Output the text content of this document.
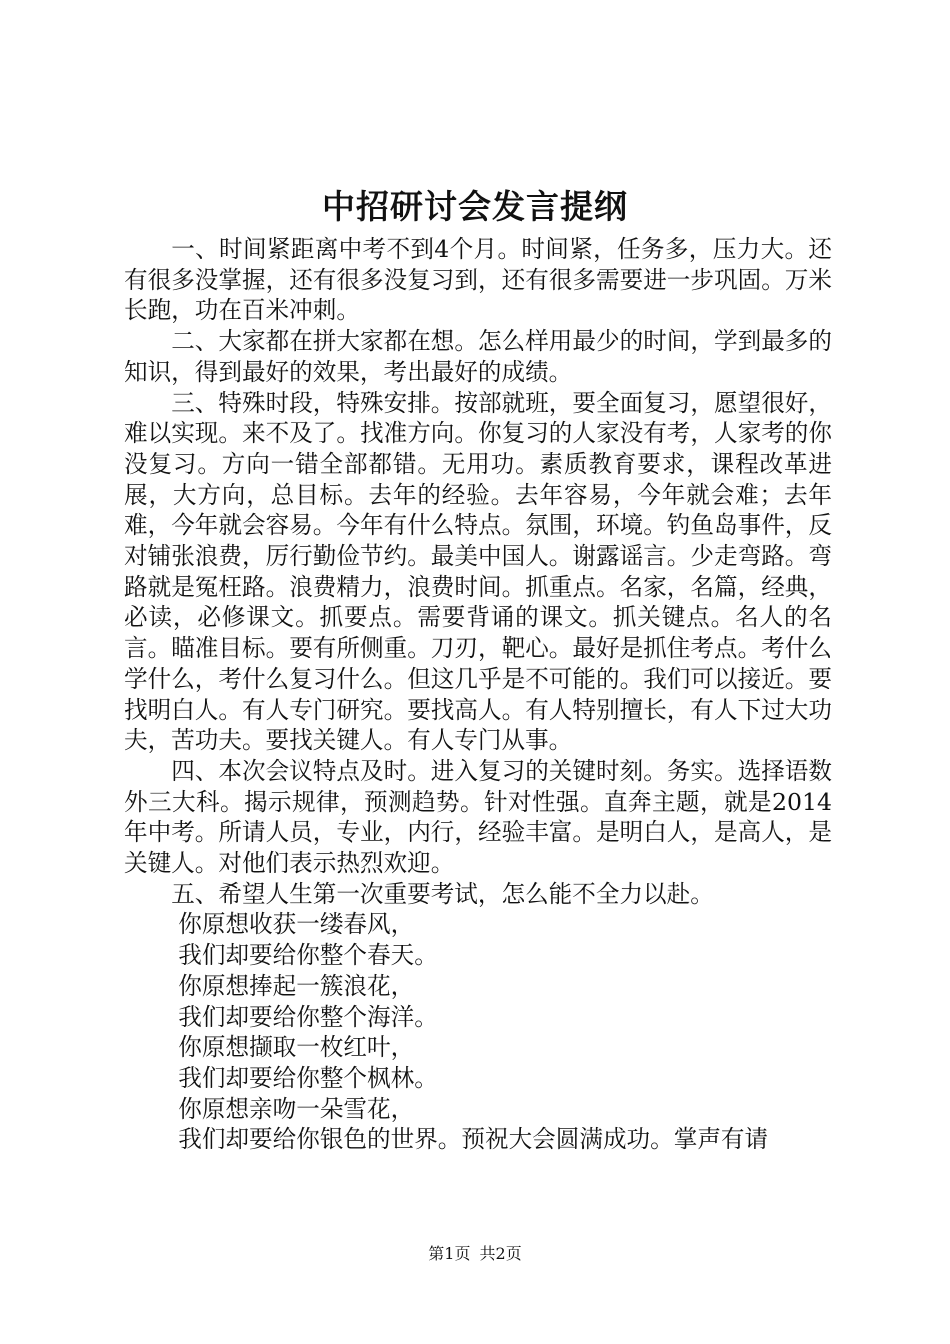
中招研讨会发言提纲

一、时间紧距离中考不到4个月。时间紧，任务多，压力大。还有很多没掌握，还有很多没复习到，还有很多需要进一步巩固。万米长跑，功在百米冲刺。

二、大家都在拼大家都在想。怎么样用最少的时间，学到最多的知识，得到最好的效果，考出最好的成绩。

三、特殊时段，特殊安排。按部就班，要全面复习，愿望很好，难以实现。来不及了。找准方向。你复习的人家没有考，人家考的你没复习。方向一错全部都错。无用功。素质教育要求，课程改革进展，大方向，总目标。去年的经验。去年容易，今年就会难；去年难，今年就会容易。今年有什么特点。氛围，环境。钓鱼岛事件，反对铺张浪费，厉行勤俭节约。最美中国人。谢露谣言。少走弯路。弯路就是冤枉路。浪费精力，浪费时间。抓重点。名家，名篇，经典，必读，必修课文。抓要点。需要背诵的课文。抓关键点。名人的名言。瞄准目标。要有所侧重。刀刃，靶心。最好是抓住考点。考什么学什么，考什么复习什么。但这几乎是不可能的。我们可以接近。要找明白人。有人专门研究。要找高人。有人特别擅长，有人下过大功夫，苦功夫。要找关键人。有人专门从事。

四、本次会议特点及时。进入复习的关键时刻。务实。选择语数外三大科。揭示规律，预测趋势。针对性强。直奔主题，就是2014年中考。所请人员，专业，内行，经验丰富。是明白人，是高人，是关键人。对他们表示热烈欢迎。

五、希望人生第一次重要考试，怎么能不全力以赴。

你原想收获一缕春风，

我们却要给你整个春天。

你原想捧起一簇浪花，

我们却要给你整个海洋。

你原想撷取一枚红叶，

我们却要给你整个枫林。

你原想亲吻一朵雪花，

我们却要给你银色的世界。预祝大会圆满成功。掌声有请

第1页 共2页
